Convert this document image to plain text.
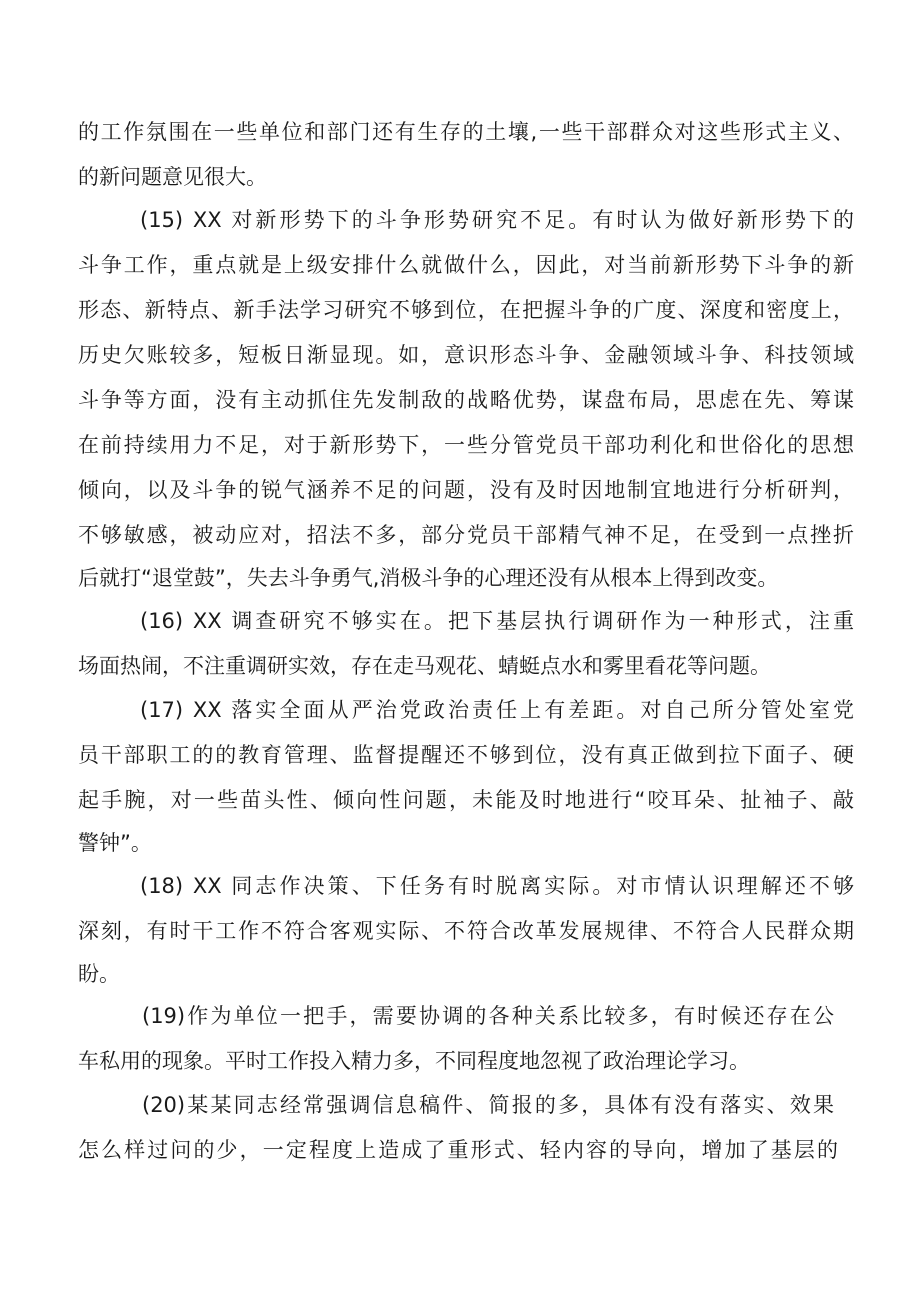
的工作氛围在一些单位和部门还有生存的土壤,一些干部群众对这些形式主义、
的新问题意见很大。
(15) XX 对新形势下的斗争形势研究不足。有时认为做好新形势下的
斗争工作，重点就是上级安排什么就做什么，因此，对当前新形势下斗争的新
形态、新特点、新手法学习研究不够到位，在把握斗争的广度、深度和密度上，
历史欠账较多，短板日渐显现。如，意识形态斗争、金融领域斗争、科技领域
斗争等方面，没有主动抓住先发制敌的战略优势，谋盘布局，思虑在先、筹谋
在前持续用力不足，对于新形势下，一些分管党员干部功利化和世俗化的思想
倾向，以及斗争的锐气涵养不足的问题，没有及时因地制宜地进行分析研判，
不够敏感，被动应对，招法不多，部分党员干部精气神不足，在受到一点挫折
后就打“退堂鼓”，失去斗争勇气,消极斗争的心理还没有从根本上得到改变。
(16) XX 调查研究不够实在。把下基层执行调研作为一种形式，注重
场面热闹，不注重调研实效，存在走马观花、蜻蜓点水和雾里看花等问题。
(17) XX 落实全面从严治党政治责任上有差距。对自己所分管处室党
员干部职工的的教育管理、监督提醒还不够到位，没有真正做到拉下面子、硬
起手腕，对一些苗头性、倾向性问题，未能及时地进行“咬耳朵、扯袖子、敲
警钟”。
(18) XX 同志作决策、下任务有时脱离实际。对市情认识理解还不够
深刻，有时干工作不符合客观实际、不符合改革发展规律、不符合人民群众期
盼。
(19)作为单位一把手，需要协调的各种关系比较多，有时候还存在公
车私用的现象。平时工作投入精力多，不同程度地忽视了政治理论学习。
(20)某某同志经常强调信息稿件、简报的多，具体有没有落实、效果
怎么样过问的少，一定程度上造成了重形式、轻内容的导向，增加了基层的
